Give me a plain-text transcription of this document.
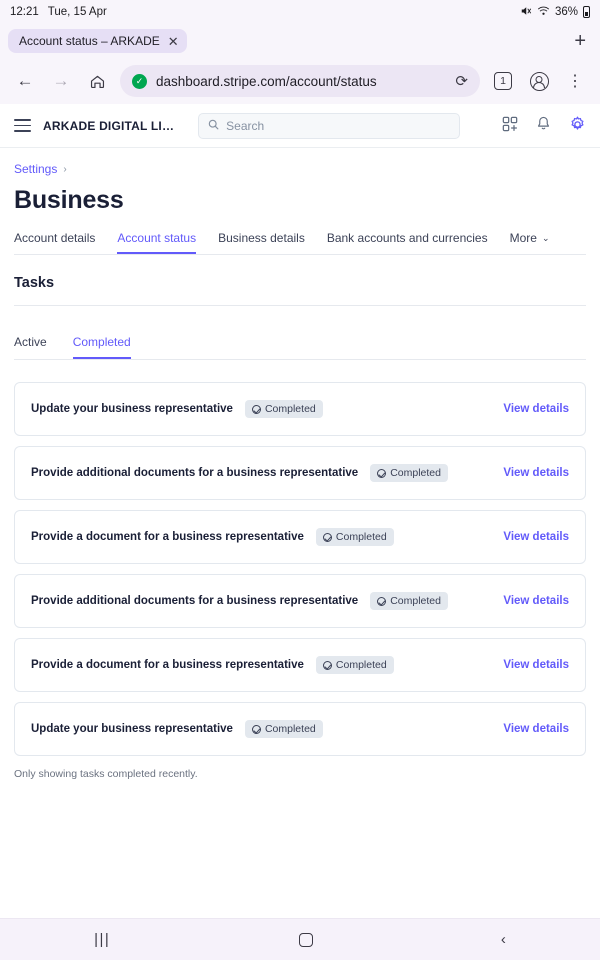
12:21 Tue, 15 Apr	36%
Account status – ARKADE ✕	+
←	→	✓ dashboard.stripe.com/account/status	⟳	1	⋮
ARKADE DIGITAL LI…	Search
Settings ›
Business
Account details Account status Business details Bank accounts and currencies More ⌄
Tasks
Active Completed
Update your business representative	Completed	View details
Provide additional documents for a business representative	Completed	View details
Provide a document for a business representative	Completed	View details
Provide additional documents for a business representative	Completed	View details
Provide a document for a business representative	Completed	View details
Update your business representative	Completed	View details
Only showing tasks completed recently.
|||	‹
